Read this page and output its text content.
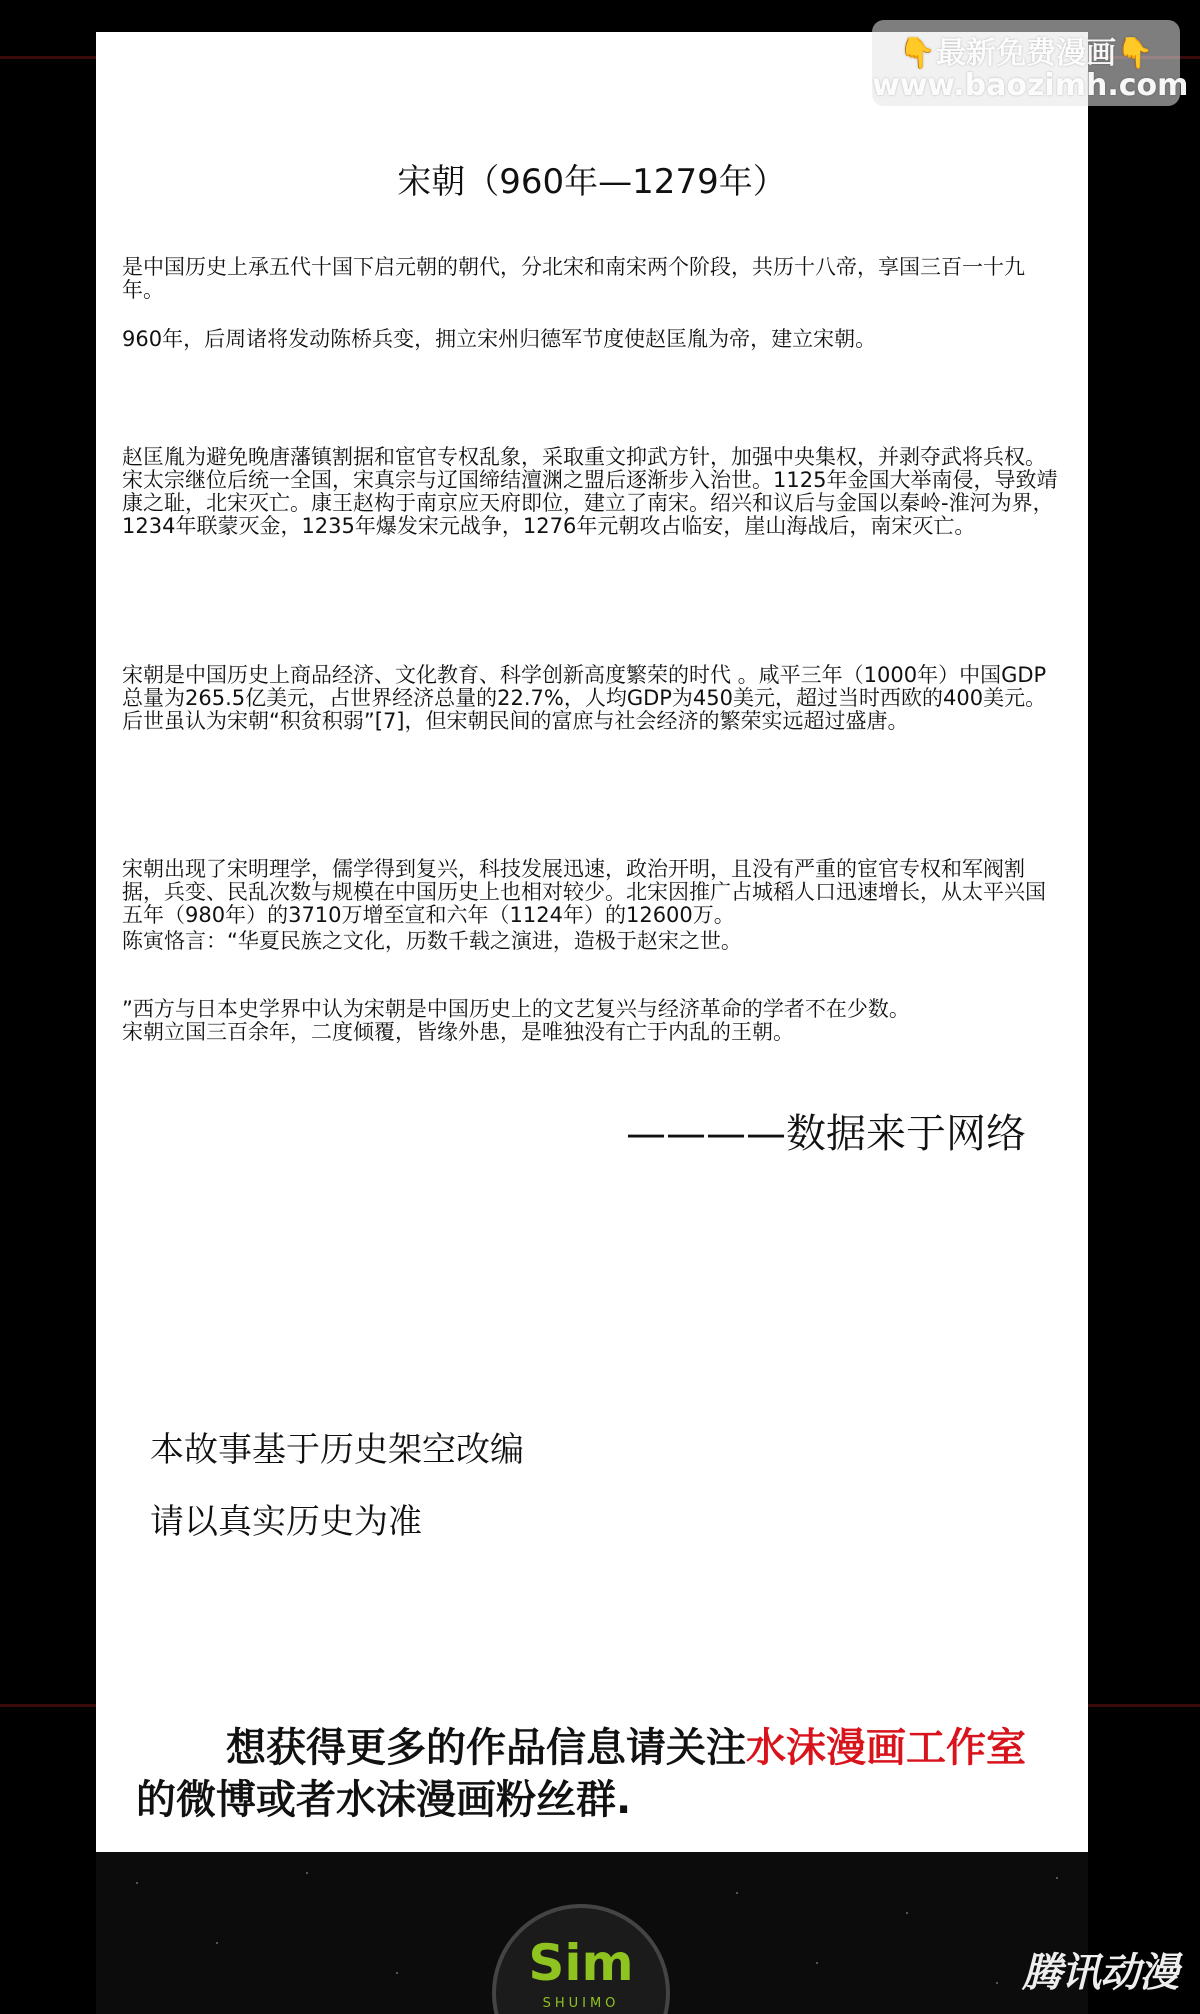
宋朝（960年—1279年）

是中国历史上承五代十国下启元朝的朝代，分北宋和南宋两个阶段，共历十八帝，享国三百一十九年。

960年，后周诸将发动陈桥兵变，拥立宋州归德军节度使赵匡胤为帝，建立宋朝。

赵匡胤为避免晚唐藩镇割据和宦官专权乱象，采取重文抑武方针，加强中央集权，并剥夺武将兵权。宋太宗继位后统一全国，宋真宗与辽国缔结澶渊之盟后逐渐步入治世。1125年金国大举南侵，导致靖康之耻，北宋灭亡。康王赵构于南京应天府即位，建立了南宋。绍兴和议后与金国以秦岭-淮河为界，1234年联蒙灭金，1235年爆发宋元战争，1276年元朝攻占临安，崖山海战后，南宋灭亡。

宋朝是中国历史上商品经济、文化教育、科学创新高度繁荣的时代 。咸平三年（1000年）中国GDP总量为265.5亿美元，占世界经济总量的22.7%，人均GDP为450美元，超过当时西欧的400美元。 后世虽认为宋朝“积贫积弱”[7]，但宋朝民间的富庶与社会经济的繁荣实远超过盛唐。

宋朝出现了宋明理学，儒学得到复兴，科技发展迅速，政治开明，且没有严重的宦官专权和军阀割据，兵变、民乱次数与规模在中国历史上也相对较少。北宋因推广占城稻人口迅速增长，从太平兴国五年（980年）的3710万增至宣和六年（1124年）的12600万。

陈寅恪言：“华夏民族之文化，历数千载之演进，造极于赵宋之世。

”西方与日本史学界中认为宋朝是中国历史上的文艺复兴与经济革命的学者不在少数。

宋朝立国三百余年，二度倾覆，皆缘外患，是唯独没有亡于内乱的王朝。

————数据来于网络
本故事基于历史架空改编
请以真实历史为准
想获得更多的作品信息请关注水沫漫画工作室
的微博或者水沫漫画粉丝群.
Sim
SHUIMO
腾讯动漫
👇最新免费漫画👇
www.baozimh.com
